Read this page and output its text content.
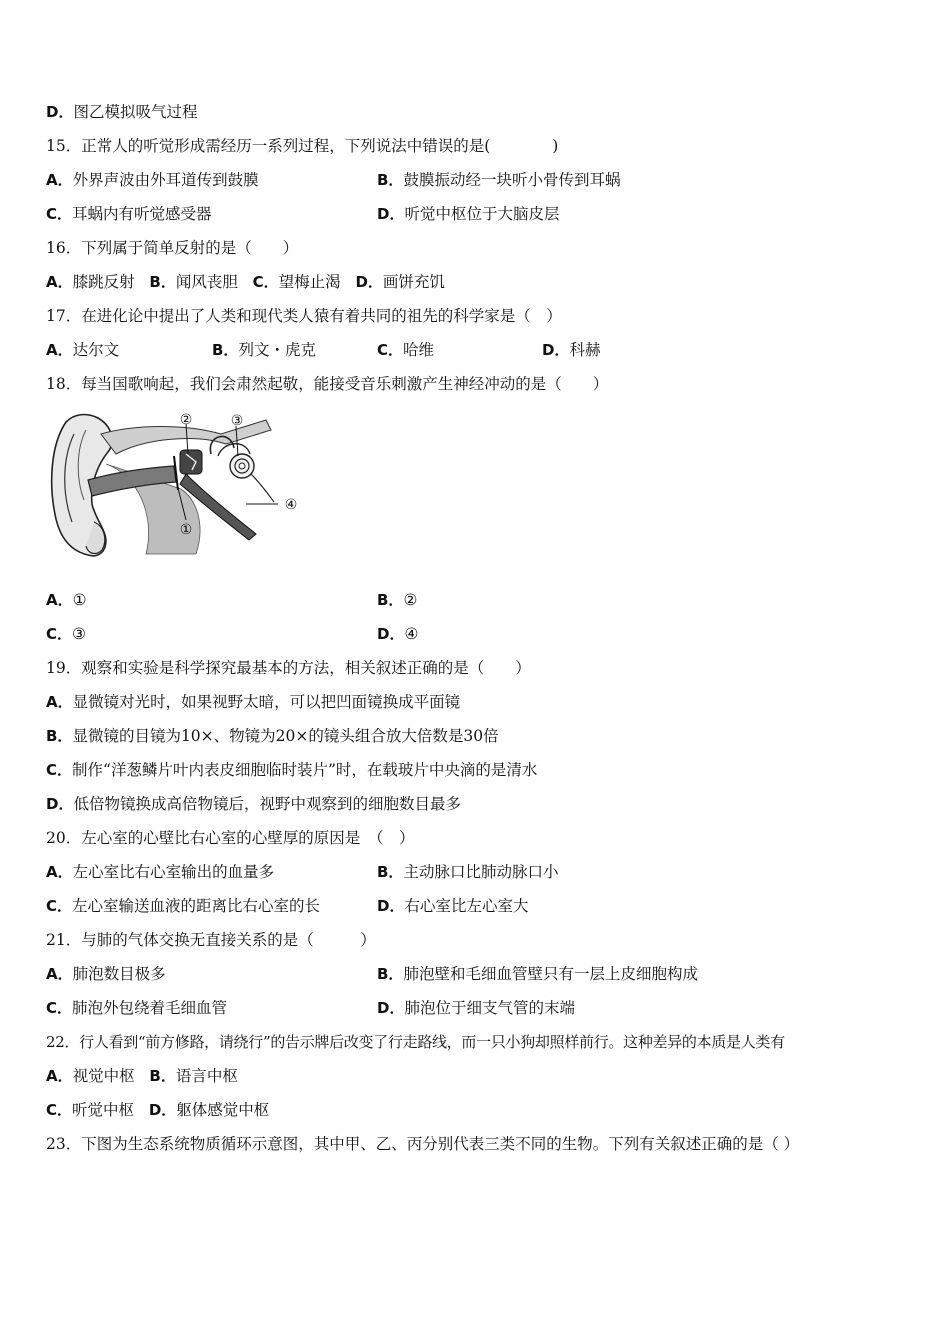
D．图乙模拟吸气过程
15．正常人的听觉形成需经历一系列过程，下列说法中错误的是(　　　　)
A．外界声波由外耳道传到鼓膜	B．鼓膜振动经一块听小骨传到耳蜗
C．耳蜗内有听觉感受器	D．听觉中枢位于大脑皮层
16．下列属于简单反射的是（　　）
A．膝跳反射 B．闻风丧胆 C．望梅止渴 D．画饼充饥
17．在进化论中提出了人类和现代类人猿有着共同的祖先的科学家是（　）
A．达尔文	B．列文・虎克	C．哈维	D．科赫
18．每当国歌响起，我们会肃然起敬，能接受音乐刺激产生神经冲动的是（　　）
②	③
④
①
A．①	B．②
C．③	D．④
19．观察和实验是科学探究最基本的方法，相关叙述正确的是（　　）
A．显微镜对光时，如果视野太暗，可以把凹面镜换成平面镜
B．显微镜的目镜为10×、物镜为20×的镜头组合放大倍数是30倍
C．制作“洋葱鳞片叶内表皮细胞临时装片”时，在载玻片中央滴的是清水
D．低倍物镜换成高倍物镜后，视野中观察到的细胞数目最多
20．左心室的心壁比右心室的心壁厚的原因是　（　）
A．左心室比右心室输出的血量多	B．主动脉口比肺动脉口小
C．左心室输送血液的距离比右心室的长	D．右心室比左心室大
21．与肺的气体交换无直接关系的是（　　　）
A．肺泡数目极多	B．肺泡壁和毛细血管壁只有一层上皮细胞构成
C．肺泡外包绕着毛细血管	D．肺泡位于细支气管的末端
22．行人看到“前方修路，请绕行”的告示牌后改变了行走路线，而一只小狗却照样前行。这种差异的本质是人类有
A．视觉中枢 B．语言中枢
C．听觉中枢 D．躯体感觉中枢
23．下图为生态系统物质循环示意图，其中甲、乙、丙分别代表三类不同的生物。下列有关叙述正确的是（ ）
